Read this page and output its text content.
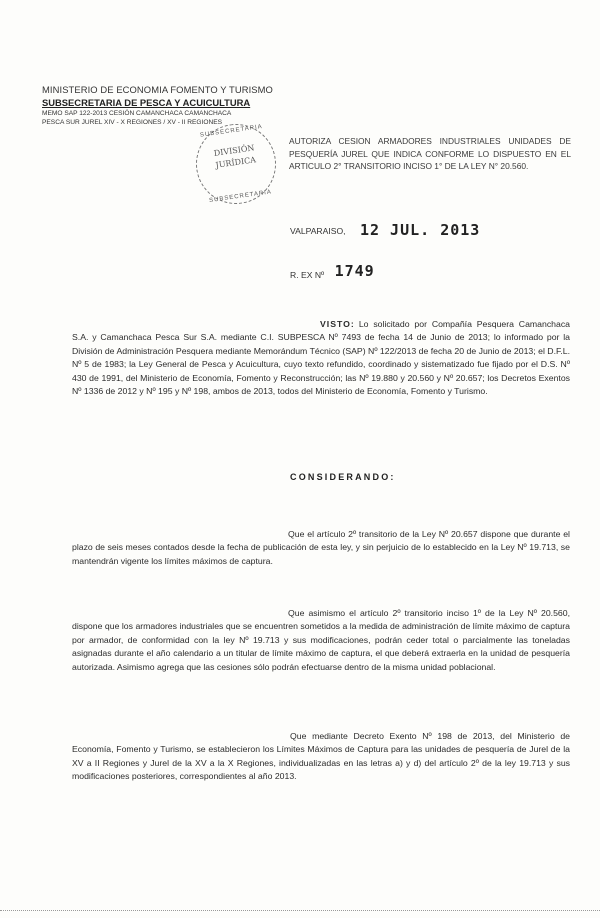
MINISTERIO DE ECONOMIA FOMENTO Y TURISMO
SUBSECRETARIA DE PESCA Y ACUICULTURA
MEMO SAP 122-2013 CESIÓN CAMANCHACA CAMANCHACA
PESCA SUR JUREL XIV - X REGIONES / XV - II REGIONES
SUBSECRETARIA
DIVISIÓN
JURÍDICA
SUBSECRETARIA
AUTORIZA CESION ARMADORES INDUSTRIALES UNIDADES DE PESQUERÍA JUREL QUE INDICA CONFORME LO DISPUESTO EN EL ARTICULO 2° TRANSITORIO INCISO 1° DE LA LEY N° 20.560.
VALPARAISO, 12 JUL. 2013
R. EX Nº 1749
VISTO: Lo solicitado por Compañía Pesquera Camanchaca S.A. y Camanchaca Pesca Sur S.A. mediante C.I. SUBPESCA Nº 7493 de fecha 14 de Junio de 2013; lo informado por la División de Administración Pesquera mediante Memorándum Técnico (SAP) Nº 122/2013 de fecha 20 de Junio de 2013; el D.F.L. Nº 5 de 1983; la Ley General de Pesca y Acuicultura, cuyo texto refundido, coordinado y sistematizado fue fijado por el D.S. Nº 430 de 1991, del Ministerio de Economía, Fomento y Reconstrucción; las Nº 19.880 y 20.560 y Nº 20.657; los Decretos Exentos Nº 1336 de 2012 y Nº 195 y Nº 198, ambos de 2013, todos del Ministerio de Economía, Fomento y Turismo.
CONSIDERANDO:
Que el artículo 2º transitorio de la Ley Nº 20.657 dispone que durante el plazo de seis meses contados desde la fecha de publicación de esta ley, y sin perjuicio de lo establecido en la Ley Nº 19.713, se mantendrán vigente los límites máximos de captura.
Que asimismo el artículo 2º transitorio inciso 1º de la Ley Nº 20.560, dispone que los armadores industriales que se encuentren sometidos a la medida de administración de límite máximo de captura por armador, de conformidad con la ley Nº 19.713 y sus modificaciones, podrán ceder total o parcialmente las toneladas asignadas durante el año calendario a un titular de límite máximo de captura, el que deberá extraerla en la unidad de pesquería autorizada. Asimismo agrega que las cesiones sólo podrán efectuarse dentro de la misma unidad poblacional.
Que mediante Decreto Exento Nº 198 de 2013, del Ministerio de Economía, Fomento y Turismo, se establecieron los Límites Máximos de Captura para las unidades de pesquería de Jurel de la XV a II Regiones y Jurel de la XV a la X Regiones, individualizadas en las letras a) y d) del artículo 2º de la ley 19.713 y sus modificaciones posteriores, correspondientes al año 2013.
